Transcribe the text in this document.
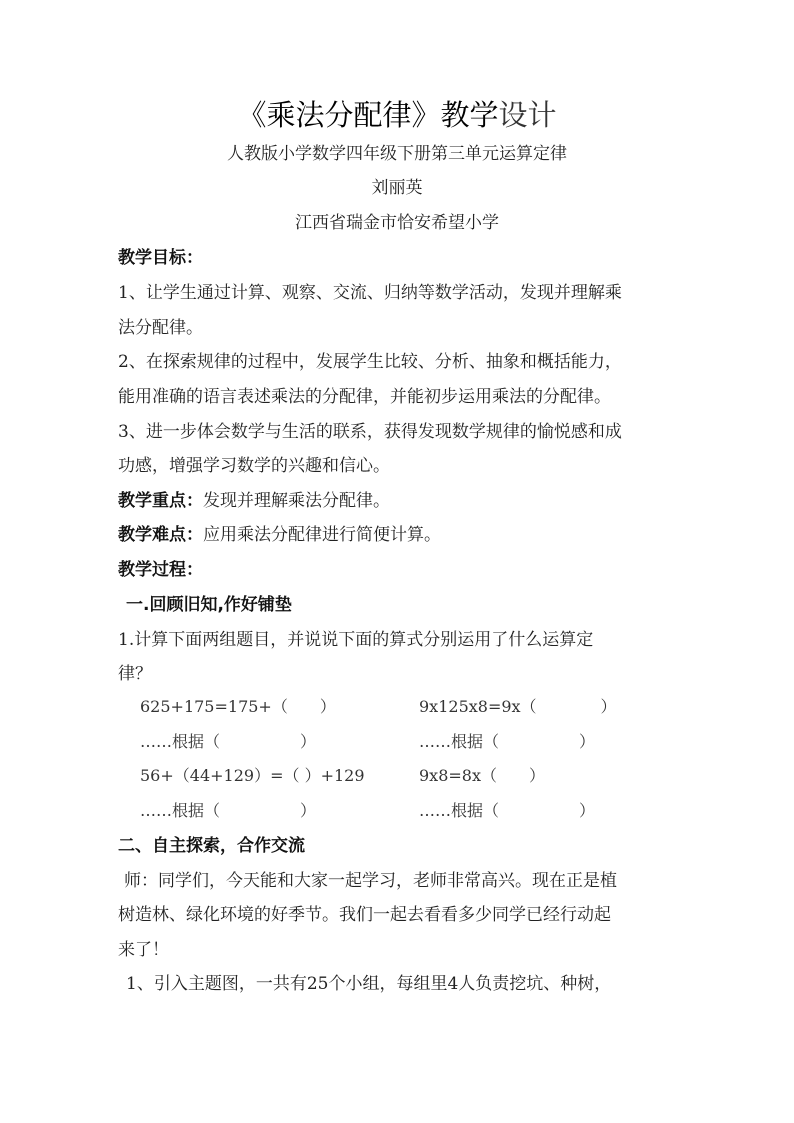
《乘法分配律》教学设计
人教版小学数学四年级下册第三单元运算定律
刘丽英
江西省瑞金市恰安希望小学
教学目标：
1、让学生通过计算、观察、交流、归纳等数学活动，发现并理解乘
法分配律。
2、在探索规律的过程中，发展学生比较、分析、抽象和概括能力，
能用准确的语言表述乘法的分配律，并能初步运用乘法的分配律。
3、进一步体会数学与生活的联系，获得发现数学规律的愉悦感和成
功感，增强学习数学的兴趣和信心。
教学重点：发现并理解乘法分配律。
教学难点：应用乘法分配律进行简便计算。
教学过程：
一.回顾旧知,作好铺垫
1.计算下面两组题目，并说说下面的算式分别运用了什么运算定
律？
625+175=175+（　　）	9x125x8=9x（　　　　）
……根据（　　　　　）	……根据（　　　　　）
56+（44+129）=（ ）+129	9x8=8x（　　）
……根据（　　　　　）	……根据（　　　　　）
二、自主探索，合作交流
师：同学们，今天能和大家一起学习，老师非常高兴。现在正是植
树造林、绿化环境的好季节。我们一起去看看多少同学已经行动起
来了！
1、引入主题图，一共有25个小组，每组里4人负责挖坑、种树，
